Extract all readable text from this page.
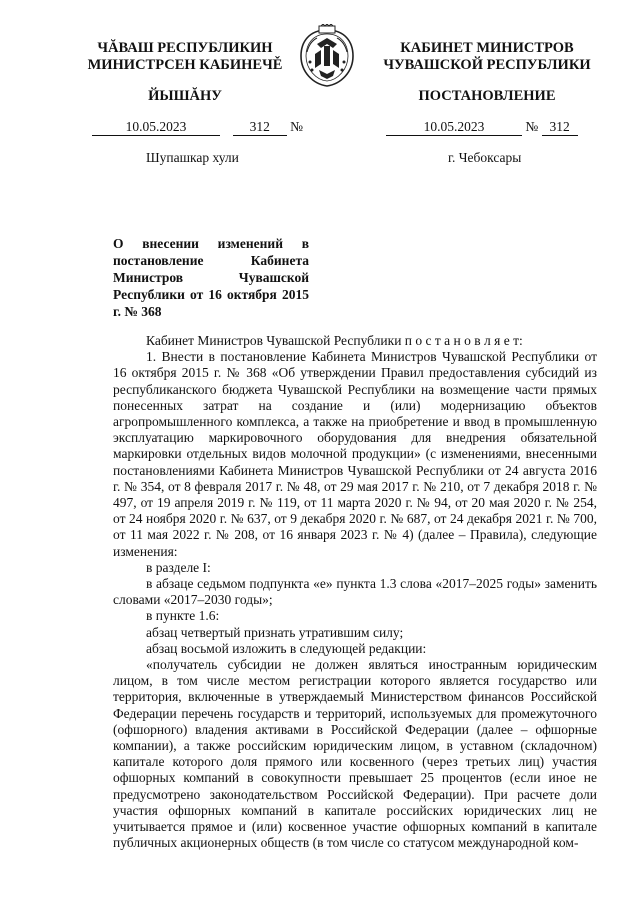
ЧĂВАШ РЕСПУБЛИКИН
МИНИСТРСЕН КАБИНЕЧĚ
ЙЫШĂНУ
КАБИНЕТ МИНИСТРОВ
ЧУВАШСКОЙ РЕСПУБЛИКИ
ПОСТАНОВЛЕНИЕ
10.05.2023	312 №	10.05.2023	№ 312
Шупашкар хули	г. Чебоксары
О внесении изменений в постановление Кабинета Министров Чувашской Республики от 16 октября 2015 г. № 368

Кабинет Министров Чувашской Республики п о с т а н о в л я е т:

1. Внести в постановление Кабинета Министров Чувашской Республики от 16 октября 2015 г. № 368 «Об утверждении Правил предоставления субсидий из республиканского бюджета Чувашской Республики на возмещение части прямых понесенных затрат на создание и (или) модернизацию объектов агропромышленного комплекса, а также на приобретение и ввод в промышленную эксплуатацию маркировочного оборудования для внедрения обязательной маркировки отдельных видов молочной продукции» (с изменениями, внесенными постановлениями Кабинета Министров Чувашской Республики от 24 августа 2016 г. № 354, от 8 февраля 2017 г. № 48, от 29 мая 2017 г. № 210, от 7 декабря 2018 г. № 497, от 19 апреля 2019 г. № 119, от 11 марта 2020 г. № 94, от 20 мая 2020 г. № 254, от 24 ноября 2020 г. № 637, от 9 декабря 2020 г. № 687, от 24 декабря 2021 г. № 700, от 11 мая 2022 г. № 208, от 16 января 2023 г. № 4) (далее – Правила), следующие изменения:

в разделе I:

в абзаце седьмом подпункта «е» пункта 1.3 слова «2017–2025 годы» заменить словами «2017–2030 годы»;

в пункте 1.6:

абзац четвертый признать утратившим силу;

абзац восьмой изложить в следующей редакции:

«получатель субсидии не должен являться иностранным юридическим лицом, в том числе местом регистрации которого является государство или территория, включенные в утверждаемый Министерством финансов Российской Федерации перечень государств и территорий, используемых для промежуточного (офшорного) владения активами в Российской Федерации (далее – офшорные компании), а также российским юридическим лицом, в уставном (складочном) капитале которого доля прямого или косвенного (через третьих лиц) участия офшорных компаний в совокупности превышает 25 процентов (если иное не предусмотрено законодательством Российской Федерации). При расчете доли участия офшорных компаний в капитале российских юридических лиц не учитывается прямое и (или) косвенное участие офшорных компаний в капитале публичных акционерных обществ (в том числе со статусом международной ком-
